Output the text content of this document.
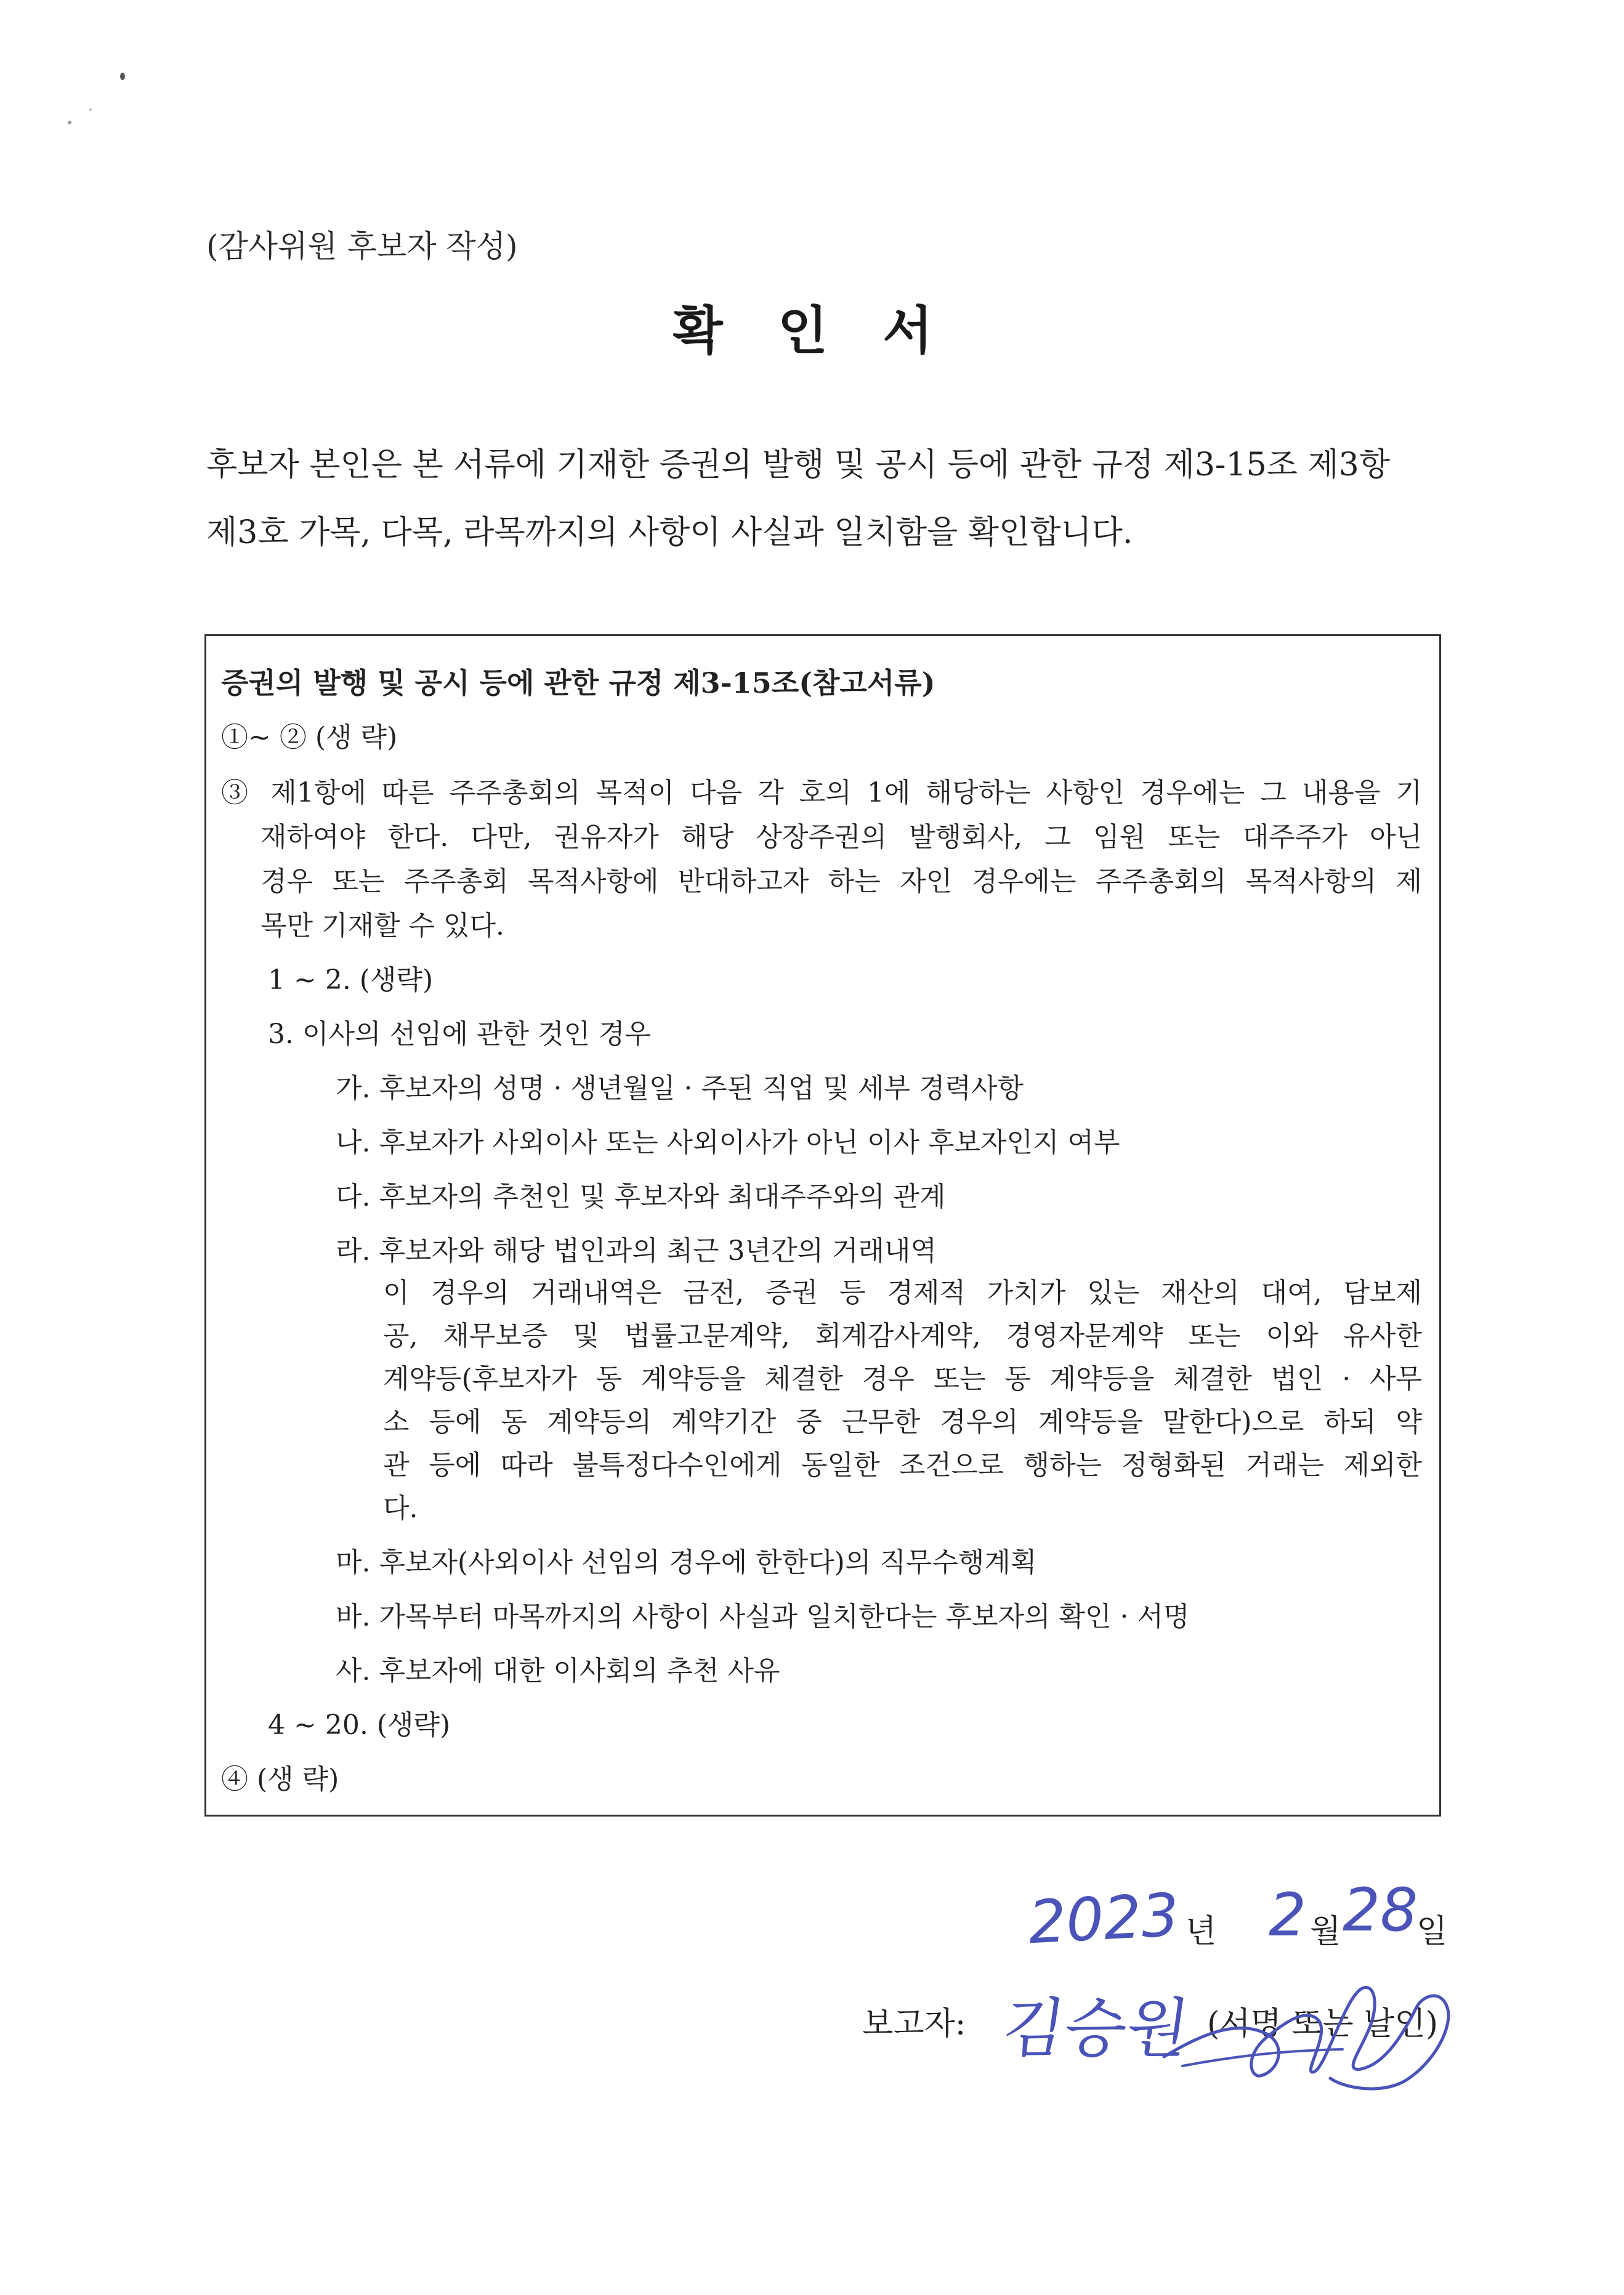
(감사위원 후보자 작성)
확 인 서
후보자 본인은 본 서류에 기재한 증권의 발행 및 공시 등에 관한 규정 제3-15조 제3항
제3호 가목, 다목, 라목까지의 사항이 사실과 일치함을 확인합니다.
증권의 발행 및 공시 등에 관한 규정 제3-15조(참고서류)
①~ ② (생 략)
③ 제1항에 따른 주주총회의 목적이 다음 각 호의 1에 해당하는 사항인 경우에는 그 내용을 기
재하여야 한다. 다만, 권유자가 해당 상장주권의 발행회사, 그 임원 또는 대주주가 아닌
경우 또는 주주총회 목적사항에 반대하고자 하는 자인 경우에는 주주총회의 목적사항의 제
목만 기재할 수 있다.
1 ~ 2. (생략)
3. 이사의 선임에 관한 것인 경우
가. 후보자의 성명 · 생년월일 · 주된 직업 및 세부 경력사항
나. 후보자가 사외이사 또는 사외이사가 아닌 이사 후보자인지 여부
다. 후보자의 추천인 및 후보자와 최대주주와의 관계
라. 후보자와 해당 법인과의 최근 3년간의 거래내역
이 경우의 거래내역은 금전, 증권 등 경제적 가치가 있는 재산의 대여, 담보제
공, 채무보증 및 법률고문계약, 회계감사계약, 경영자문계약 또는 이와 유사한
계약등(후보자가 동 계약등을 체결한 경우 또는 동 계약등을 체결한 법인 · 사무
소 등에 동 계약등의 계약기간 중 근무한 경우의 계약등을 말한다)으로 하되 약
관 등에 따라 불특정다수인에게 동일한 조건으로 행하는 정형화된 거래는 제외한
다.
마. 후보자(사외이사 선임의 경우에 한한다)의 직무수행계획
바. 가목부터 마목까지의 사항이 사실과 일치한다는 후보자의 확인 · 서명
사. 후보자에 대한 이사회의 추천 사유
4 ~ 20. (생략)
④ (생 략)
2023 년 2 월 28
일
보고자: 김승원 (서명 또는 날인)
